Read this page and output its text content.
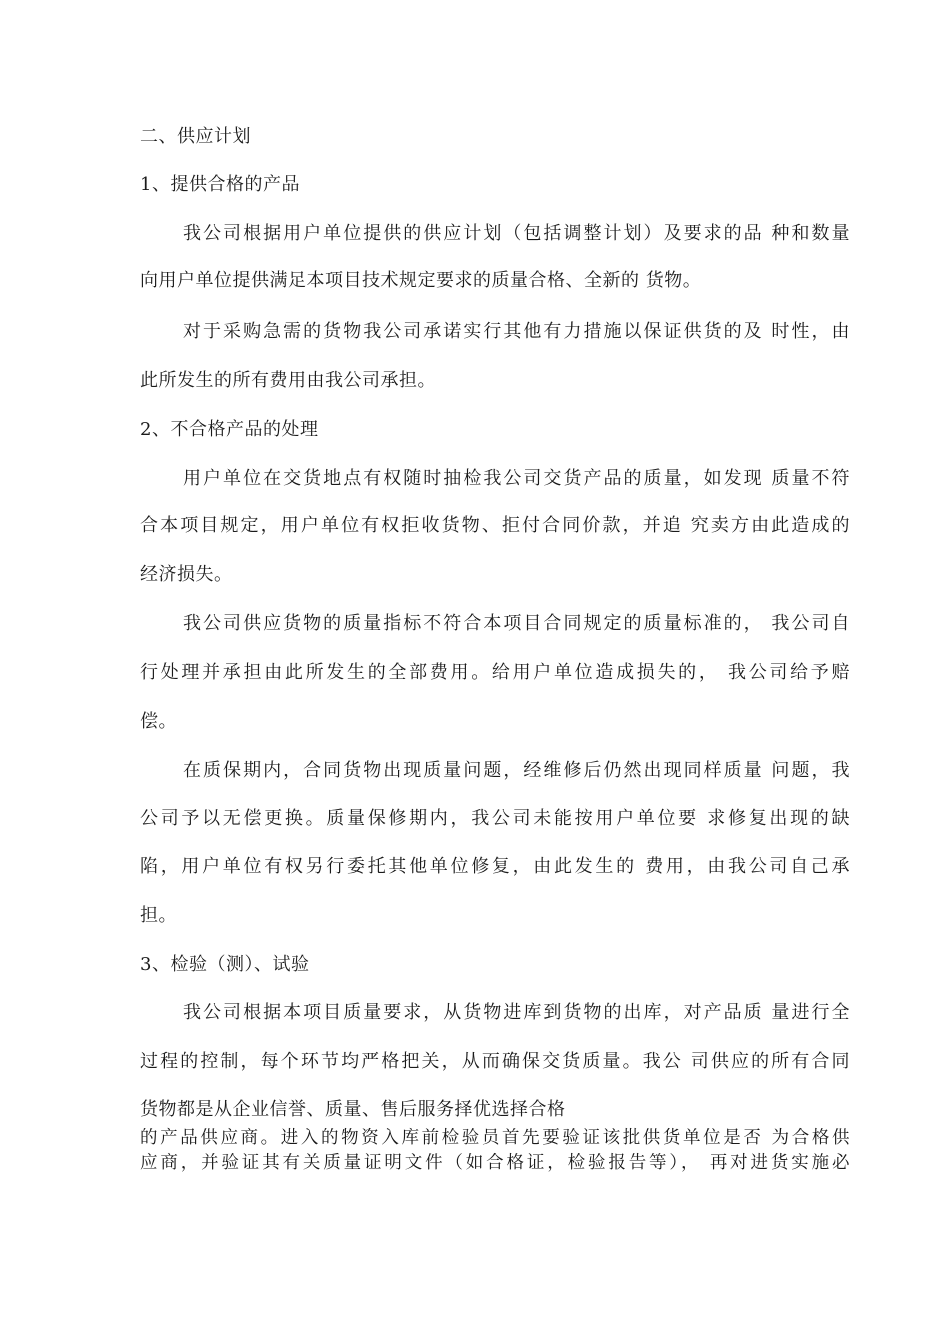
二、供应计划
1、提供合格的产品
我公司根据用户单位提供的供应计划（包括调整计划）及要求的品 种和数量
向用户单位提供满足本项目技术规定要求的质量合格、全新的 货物。
对于采购急需的货物我公司承诺实行其他有力措施以保证供货的及 时性，由
此所发生的所有费用由我公司承担。
2、不合格产品的处理
用户单位在交货地点有权随时抽检我公司交货产品的质量，如发现 质量不符
合本项目规定，用户单位有权拒收货物、拒付合同价款，并追 究卖方由此造成的
经济损失。
我公司供应货物的质量指标不符合本项目合同规定的质量标准的， 我公司自
行处理并承担由此所发生的全部费用。给用户单位造成损失的， 我公司给予赔
偿。
在质保期内，合同货物出现质量问题，经维修后仍然出现同样质量 问题，我
公司予以无偿更换。质量保修期内，我公司未能按用户单位要 求修复出现的缺
陷，用户单位有权另行委托其他单位修复，由此发生的 费用，由我公司自己承
担。
3、检验（测）、试验
我公司根据本项目质量要求，从货物进库到货物的出库，对产品质 量进行全
过程的控制，每个环节均严格把关，从而确保交货质量。我公 司供应的所有合同
货物都是从企业信誉、质量、售后服务择优选择合格
的产品供应商。进入的物资入库前检验员首先要验证该批供货单位是否 为合格供
应商，并验证其有关质量证明文件（如合格证，检验报告等）， 再对进货实施必
